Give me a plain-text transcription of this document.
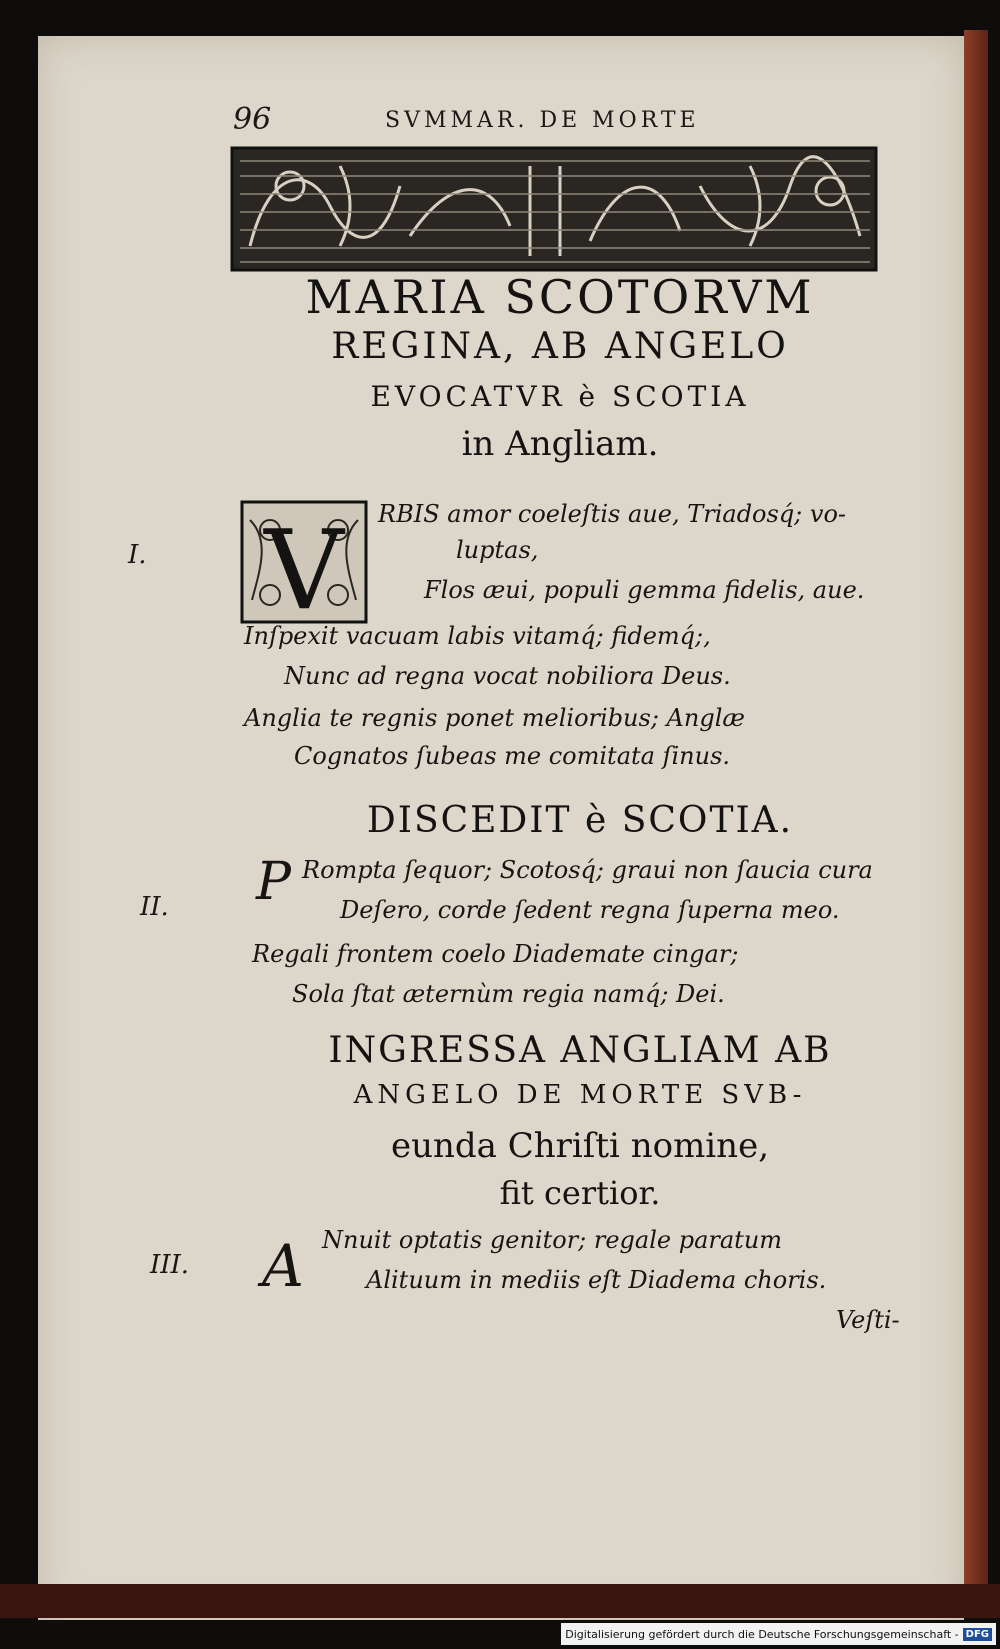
96	SVMMAR. DE MORTE
MARIA SCOTORVM
REGINA, AB ANGELO
EVOCATVR è SCOTIA
in Angliam.
V
I.
RBIS amor coeleſtis aue, Triadosq́; vo-
luptas,
Flos æui, populi gemma fidelis, aue.
Inſpexit vacuam labis vitamq́; fidemq́;,
Nunc ad regna vocat nobiliora Deus.
Anglia te regnis ponet melioribus; Anglæ
Cognatos ſubeas me comitata ſinus.
DISCEDIT è SCOTIA.
II. P Rompta ſequor; Scotosq́; graui non ſaucia cura
Deſero, corde ſedent regna ſuperna meo.
Regali frontem coelo Diademate cingar;
Sola ſtat æternùm regia namq́; Dei.
INGRESSA ANGLIAM AB
ANGELO DE MORTE SVB-
eunda Chriſti nomine,
fit certior.
III. A Nnuit optatis genitor; regale paratum
Alituum in mediis eſt Diadema choris.
Veſti-
Digitalisierung gefördert durch die Deutsche Forschungsgemeinschaft - DFG
